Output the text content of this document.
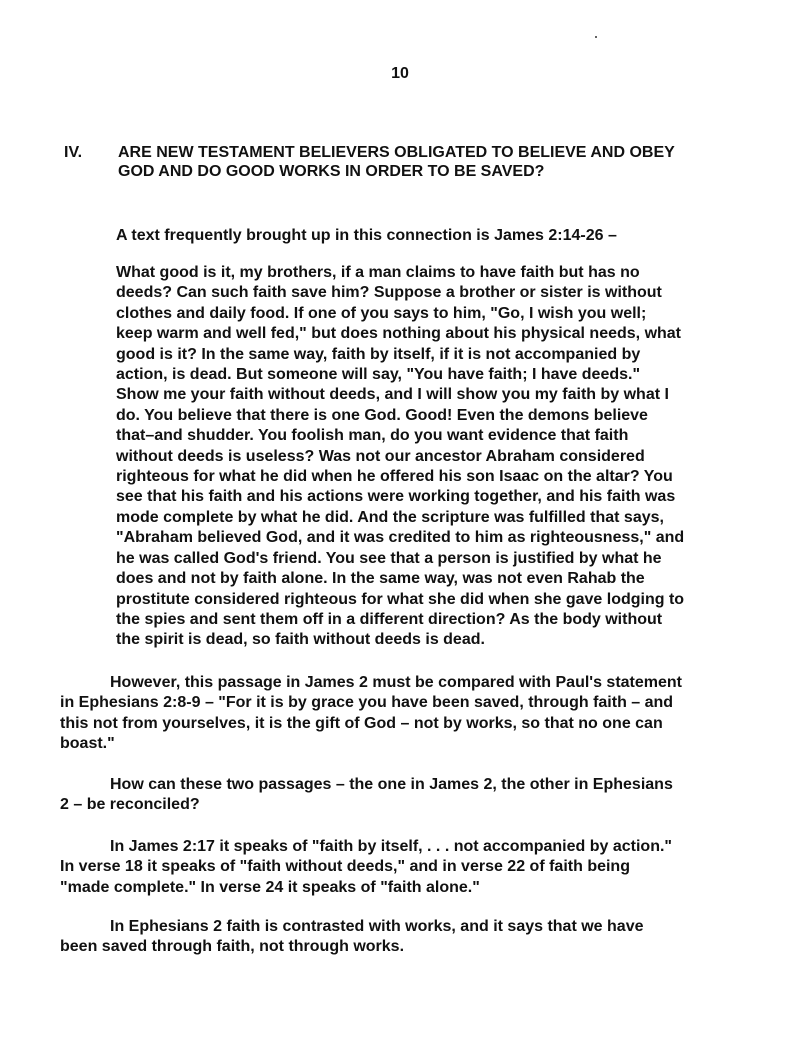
10
IV.	ARE NEW TESTAMENT BELIEVERS OBLIGATED TO BELIEVE AND OBEY
GOD AND DO GOOD WORKS IN ORDER TO BE SAVED?

A text frequently brought up in this connection is James 2:14-26 –

What good is it, my brothers, if a man claims to have faith but has no
deeds? Can such faith save him? Suppose a brother or sister is without
clothes and daily food. If one of you says to him, "Go, I wish you well;
keep warm and well fed," but does nothing about his physical needs, what
good is it? In the same way, faith by itself, if it is not accompanied by
action, is dead. But someone will say, "You have faith; I have deeds."
Show me your faith without deeds, and I will show you my faith by what I
do. You believe that there is one God. Good! Even the demons believe
that–and shudder. You foolish man, do you want evidence that faith
without deeds is useless? Was not our ancestor Abraham considered
righteous for what he did when he offered his son Isaac on the altar? You
see that his faith and his actions were working together, and his faith was
mode complete by what he did. And the scripture was fulfilled that says,
"Abraham believed God, and it was credited to him as righteousness," and
he was called God's friend. You see that a person is justified by what he
does and not by faith alone. In the same way, was not even Rahab the
prostitute considered righteous for what she did when she gave lodging to
the spies and sent them off in a different direction? As the body without
the spirit is dead, so faith without deeds is dead.
However, this passage in James 2 must be compared with Paul's statement
in Ephesians 2:8-9 – "For it is by grace you have been saved, through faith – and
this not from yourselves, it is the gift of God – not by works, so that no one can
boast."
How can these two passages – the one in James 2, the other in Ephesians
2 – be reconciled?
In James 2:17 it speaks of "faith by itself, . . . not accompanied by action."
In verse 18 it speaks of "faith without deeds," and in verse 22 of faith being
"made complete." In verse 24 it speaks of "faith alone."
In Ephesians 2 faith is contrasted with works, and it says that we have
been saved through faith, not through works.
